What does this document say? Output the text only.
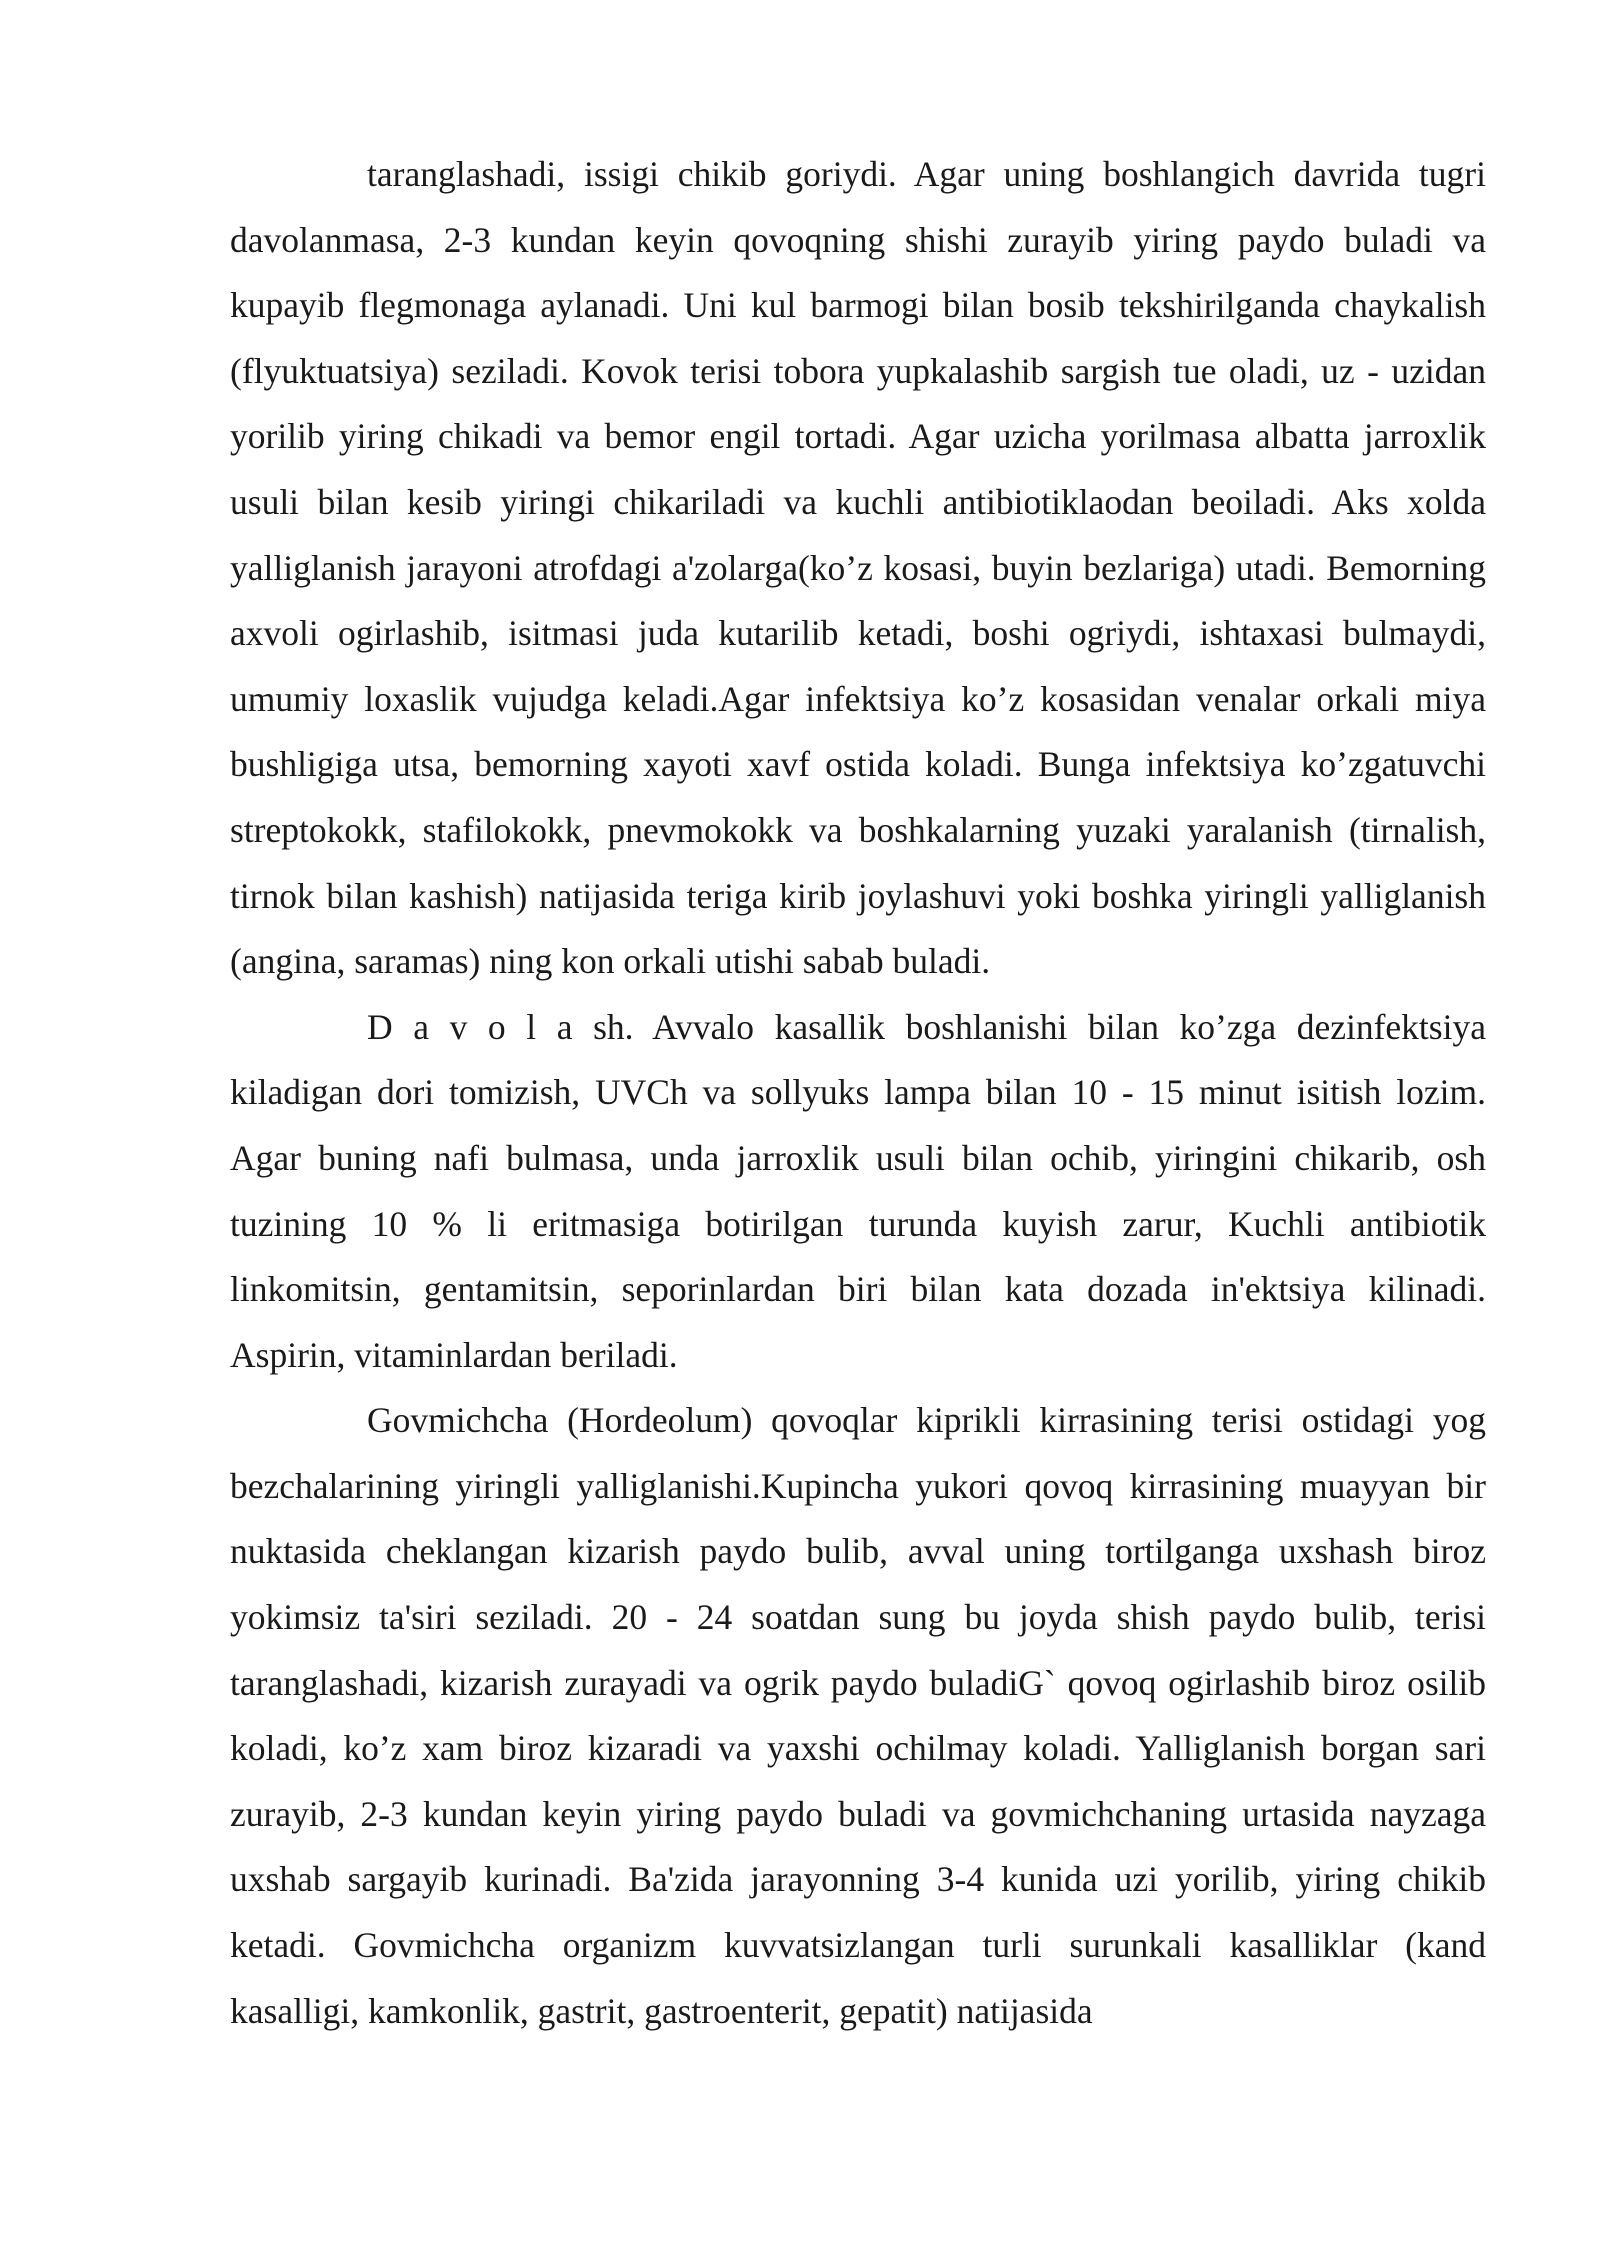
taranglashadi, issigi chikib goriydi. Agar uning boshlangich davrida tugri davolanmasa, 2-3 kundan keyin qovoqning shishi zurayib yiring paydo buladi va kupayib flegmonaga aylanadi. Uni kul barmogi bilan bosib tekshirilganda chaykalish (flyuktuatsiya) seziladi. Kovok terisi tobora yupkalashib sargish tue oladi, uz - uzidan yorilib yiring chikadi va bemor engil tortadi. Agar uzicha yorilmasa albatta jarroxlik usuli bilan kesib yiringi chikariladi va kuchli antibiotiklaodan beoiladi. Aks xolda yalliglanish jarayoni atrofdagi a'zolarga(ko’z kosasi, buyin bezlariga) utadi. Bemorning axvoli ogirlashib, isitmasi juda kutarilib ketadi, boshi ogriydi, ishtaxasi bulmaydi, umumiy loxaslik vujudga keladi.Agar infektsiya ko’z kosasidan venalar orkali miya bushligiga utsa, bemorning xayoti xavf ostida koladi. Bunga infektsiya ko’zgatuvchi streptokokk, stafilokokk, pnevmokokk va boshkalarning yuzaki yaralanish (tirnalish, tirnok bilan kashish) natijasida teriga kirib joylashuvi yoki boshka yiringli yalliglanish (angina, saramas) ning kon orkali utishi sabab buladi.

D a v o l a sh. Avvalo kasallik boshlanishi bilan ko’zga dezinfektsiya kiladigan dori tomizish, UVCh va sollyuks lampa bilan 10 - 15 minut isitish lozim. Agar buning nafi bulmasa, unda jarroxlik usuli bilan ochib, yiringini chikarib, osh tuzining 10 % li eritmasiga botirilgan turunda kuyish zarur, Kuchli antibiotik linkomitsin, gentamitsin, seporinlardan biri bilan kata dozada in'ektsiya kilinadi. Aspirin, vitaminlardan beriladi.

Govmichcha (Hordeolum) qovoqlar kiprikli kirrasining terisi ostidagi yog bezchalarining yiringli yalliglanishi.Kupincha yukori qovoq kirrasining muayyan bir nuktasida cheklangan kizarish paydo bulib, avval uning tortilganga uxshash biroz yokimsiz ta'siri seziladi. 20 - 24 soatdan sung bu joyda shish paydo bulib, terisi taranglashadi, kizarish zurayadi va ogrik paydo buladiG` qovoq ogirlashib biroz osilib koladi, ko’z xam biroz kizaradi va yaxshi ochilmay koladi. Yalliglanish borgan sari zurayib, 2-3 kundan keyin yiring paydo buladi va govmichchaning urtasida nayzaga uxshab sargayib kurinadi. Ba'zida jarayonning 3-4 kunida uzi yorilib, yiring chikib ketadi. Govmichcha organizm kuvvatsizlangan turli surunkali kasalliklar (kand kasalligi, kamkonlik, gastrit, gastroenterit, gepatit) natijasida
